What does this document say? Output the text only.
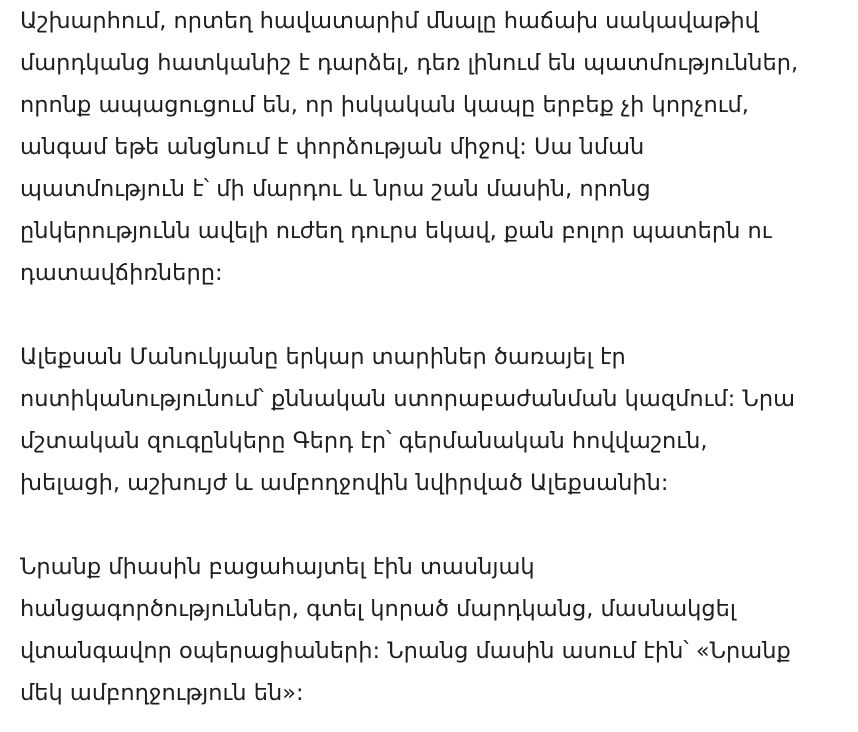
Աշխարհում, որտեղ հավատարիմ մնալը հաճախ սակավաթիվ
մարդկանց հատկանիշ է դարձել, դեռ լինում են պատմություններ,
որոնք ապացուցում են, որ իսկական կապը երբեք չի կորչում,
անգամ եթե անցնում է փորձության միջով: Սա նման
պատմություն է՝ մի մարդու և նրա շան մասին, որոնց
ընկերությունն ավելի ուժեղ դուրս եկավ, քան բոլոր պատերն ու
դատավճիռները:

Ալեքսան Մանուկյանը երկար տարիներ ծառայել էր
ոստիկանությունում՝ քննական ստորաբաժանման կազմում: Նրա
մշտական զուգընկերը Գերդ էր՝ գերմանական հովվաշուն,
խելացի, աշխույժ և ամբողջովին նվիրված Ալեքսանին:

Նրանք միասին բացահայտել էին տասնյակ
հանցագործություններ, գտել կորած մարդկանց, մասնակցել
վտանգավոր օպերացիաների: Նրանց մասին ասում էին՝ «Նրանք
մեկ ամբողջություն են»:
